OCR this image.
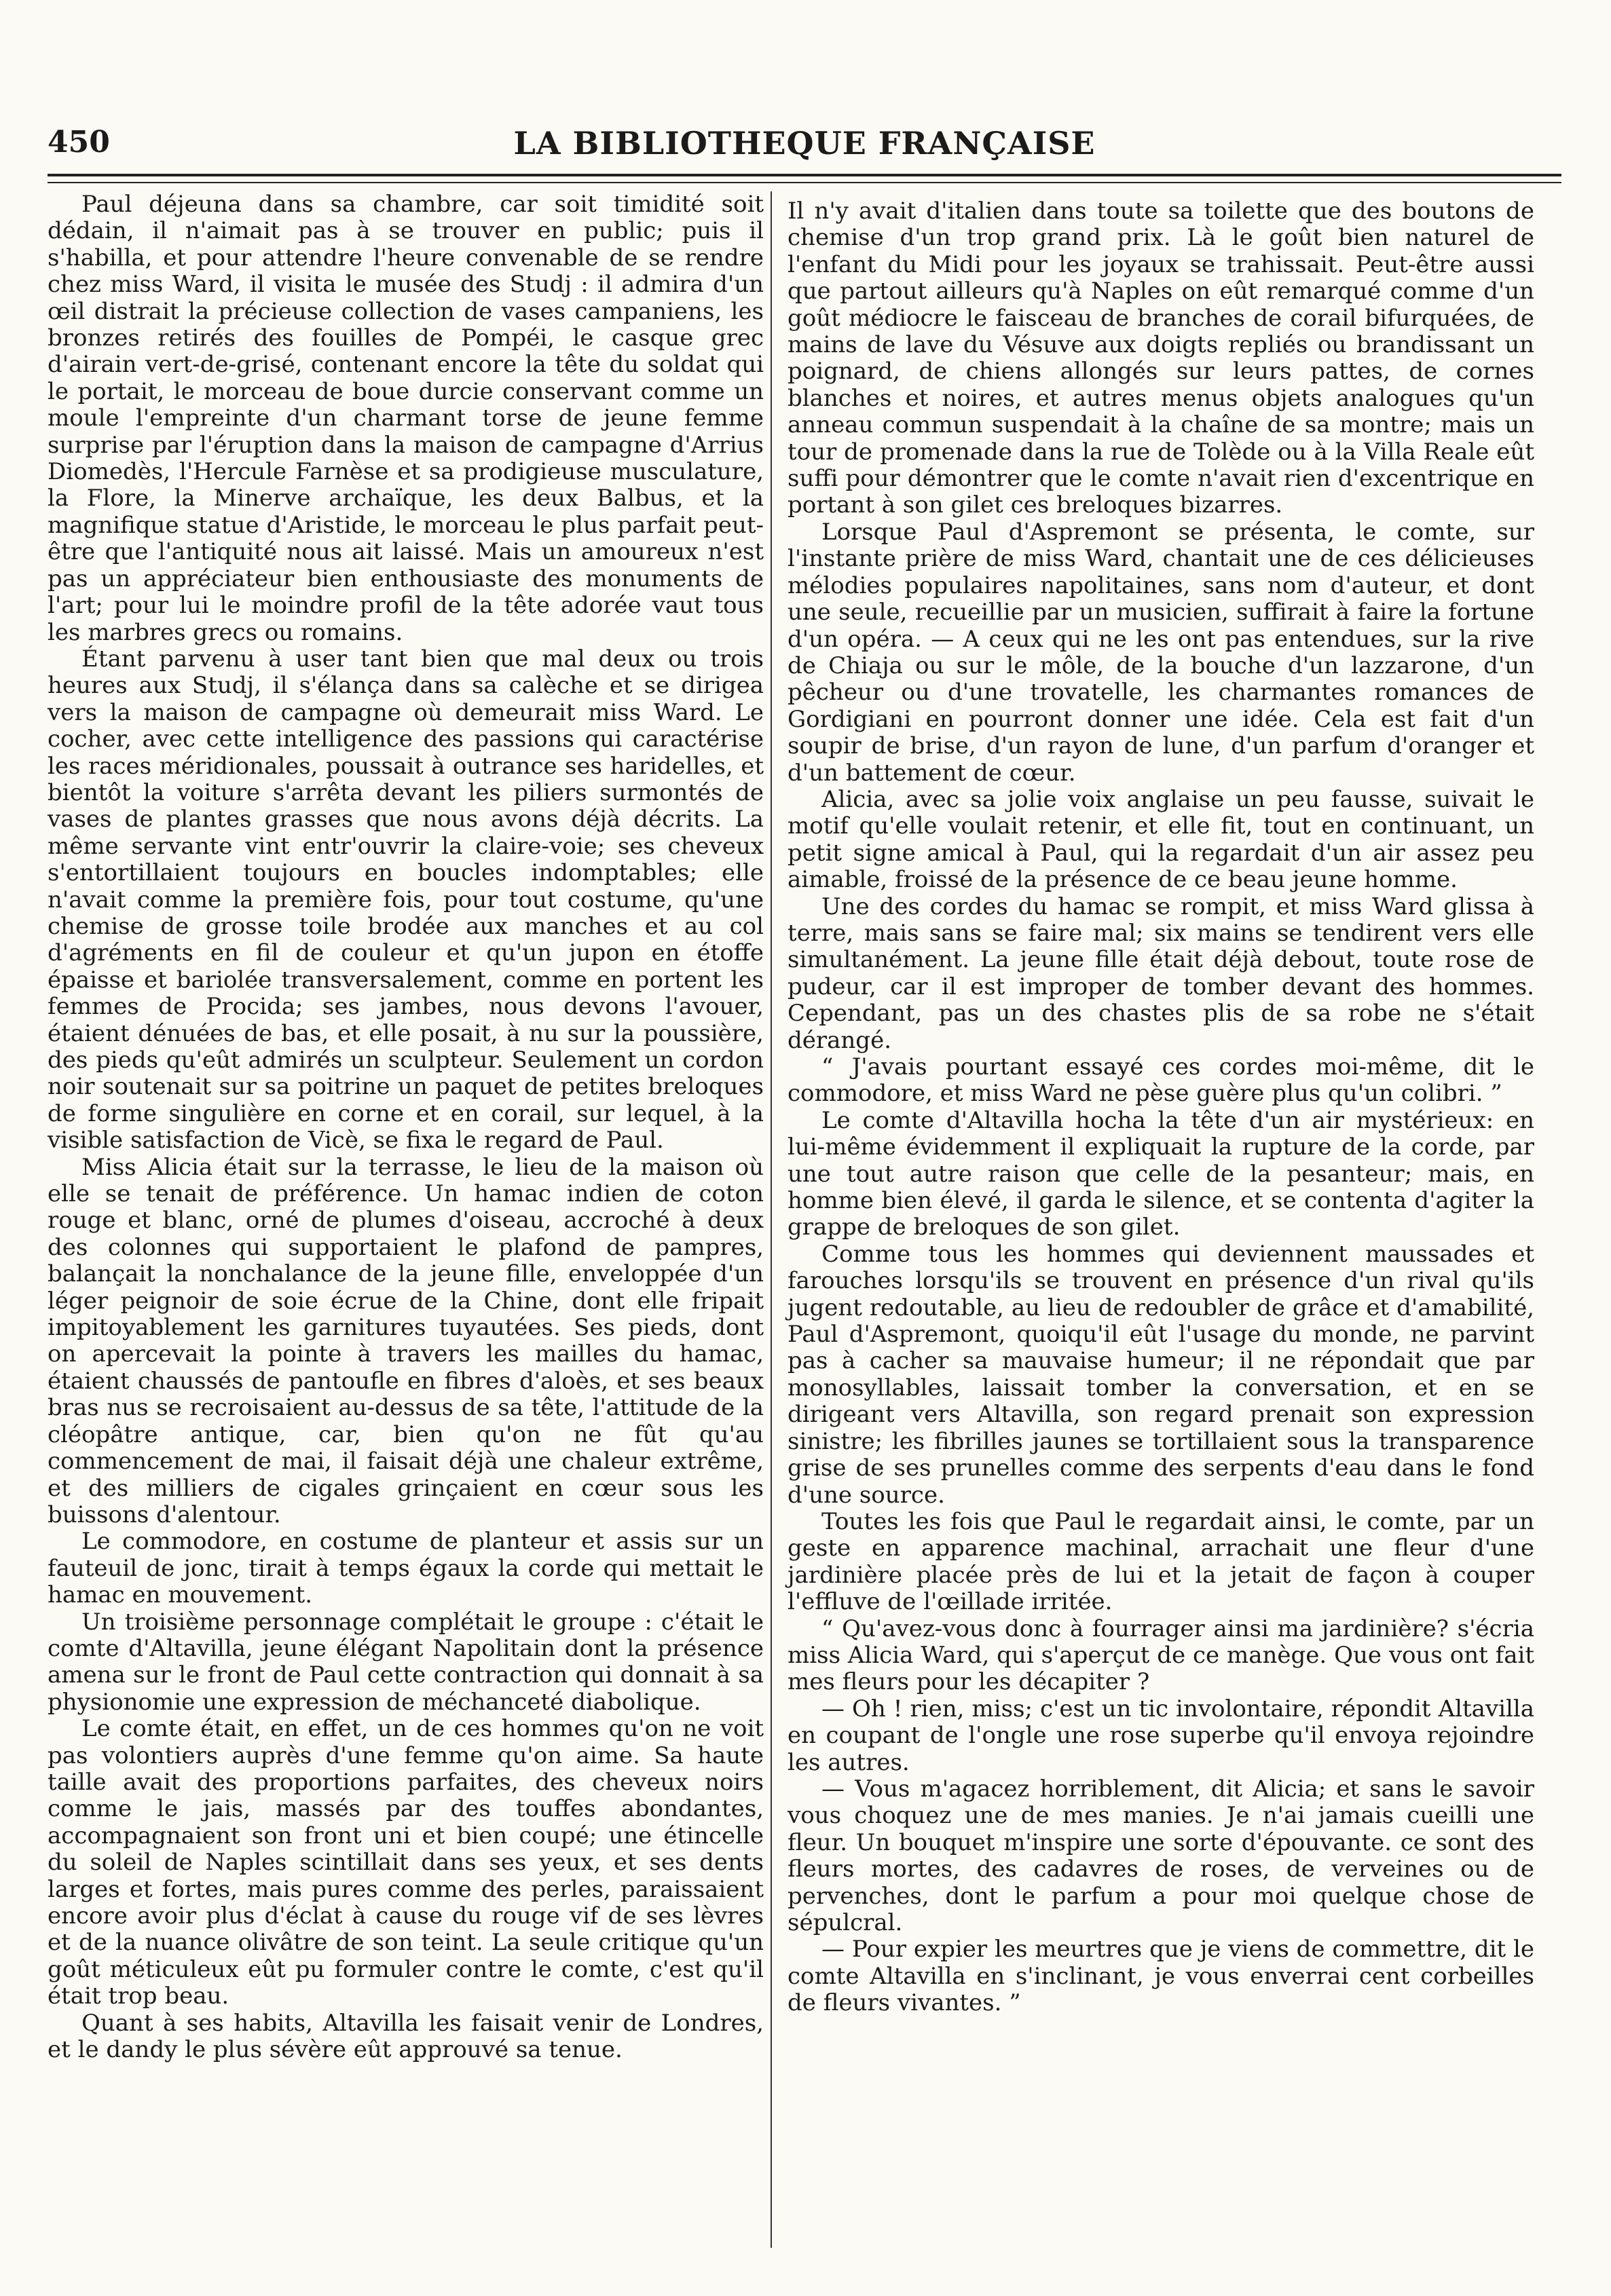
450	LA BIBLIOTHEQUE FRANÇAISE

Paul déjeuna dans sa chambre, car soit timidité soit dédain, il n'aimait pas à se trouver en public; puis il s'habilla, et pour attendre l'heure convenable de se rendre chez miss Ward, il visita le musée des Studj : il admira d'un œil distrait la précieuse collection de vases campaniens, les bronzes retirés des fouilles de Pompéi, le casque grec d'airain vert-de-grisé, contenant encore la tête du soldat qui le portait, le morceau de boue durcie conservant comme un moule l'empreinte d'un charmant torse de jeune femme surprise par l'éruption dans la maison de campagne d'Arrius Diomedès, l'Hercule Farnèse et sa prodigieuse musculature, la Flore, la Minerve archaïque, les deux Balbus, et la magnifique statue d'Aristide, le morceau le plus parfait peut-être que l'antiquité nous ait laissé. Mais un amoureux n'est pas un appréciateur bien enthousiaste des monuments de l'art; pour lui le moindre profil de la tête adorée vaut tous les marbres grecs ou romains.

Étant parvenu à user tant bien que mal deux ou trois heures aux Studj, il s'élança dans sa calèche et se dirigea vers la maison de campagne où demeurait miss Ward. Le cocher, avec cette intelligence des passions qui caractérise les races méridionales, poussait à outrance ses haridelles, et bientôt la voiture s'arrêta devant les piliers surmontés de vases de plantes grasses que nous avons déjà décrits. La même servante vint entr'ouvrir la claire-voie; ses cheveux s'entortillaient toujours en boucles indomptables; elle n'avait comme la première fois, pour tout costume, qu'une chemise de grosse toile brodée aux manches et au col d'agréments en fil de couleur et qu'un jupon en étoffe épaisse et bariolée transversalement, comme en portent les femmes de Procida; ses jambes, nous devons l'avouer, étaient dénuées de bas, et elle posait, à nu sur la poussière, des pieds qu'eût admirés un sculpteur. Seulement un cordon noir soutenait sur sa poitrine un paquet de petites breloques de forme singulière en corne et en corail, sur lequel, à la visible satisfaction de Vicè, se fixa le regard de Paul.

Miss Alicia était sur la terrasse, le lieu de la maison où elle se tenait de préférence. Un hamac indien de coton rouge et blanc, orné de plumes d'oiseau, accroché à deux des colonnes qui supportaient le plafond de pampres, balançait la nonchalance de la jeune fille, enveloppée d'un léger peignoir de soie écrue de la Chine, dont elle fripait impitoyablement les garnitures tuyautées. Ses pieds, dont on apercevait la pointe à travers les mailles du hamac, étaient chaussés de pantoufle en fibres d'aloès, et ses beaux bras nus se recroisaient au-dessus de sa tête, l'attitude de la cléopâtre antique, car, bien qu'on ne fût qu'au commencement de mai, il faisait déjà une chaleur extrême, et des milliers de cigales grinçaient en cœur sous les buissons d'alentour.

Le commodore, en costume de planteur et assis sur un fauteuil de jonc, tirait à temps égaux la corde qui mettait le hamac en mouvement.

Un troisième personnage complétait le groupe : c'était le comte d'Altavilla, jeune élégant Napolitain dont la présence amena sur le front de Paul cette contraction qui donnait à sa physionomie une expression de méchanceté diabolique.

Le comte était, en effet, un de ces hommes qu'on ne voit pas volontiers auprès d'une femme qu'on aime. Sa haute taille avait des proportions parfaites, des cheveux noirs comme le jais, massés par des touffes abondantes, accompagnaient son front uni et bien coupé; une étincelle du soleil de Naples scintillait dans ses yeux, et ses dents larges et fortes, mais pures comme des perles, paraissaient encore avoir plus d'éclat à cause du rouge vif de ses lèvres et de la nuance olivâtre de son teint. La seule critique qu'un goût méticuleux eût pu formuler contre le comte, c'est qu'il était trop beau.

Quant à ses habits, Altavilla les faisait venir de Londres, et le dandy le plus sévère eût approuvé sa tenue.

Il n'y avait d'italien dans toute sa toilette que des boutons de chemise d'un trop grand prix. Là le goût bien naturel de l'enfant du Midi pour les joyaux se trahissait. Peut-être aussi que partout ailleurs qu'à Naples on eût remarqué comme d'un goût médiocre le faisceau de branches de corail bifurquées, de mains de lave du Vésuve aux doigts repliés ou brandissant un poignard, de chiens allongés sur leurs pattes, de cornes blanches et noires, et autres menus objets analogues qu'un anneau commun suspendait à la chaîne de sa montre; mais un tour de promenade dans la rue de Tolède ou à la Villa Reale eût suffi pour démontrer que le comte n'avait rien d'excentrique en portant à son gilet ces breloques bizarres.

Lorsque Paul d'Aspremont se présenta, le comte, sur l'instante prière de miss Ward, chantait une de ces délicieuses mélodies populaires napolitaines, sans nom d'auteur, et dont une seule, recueillie par un musicien, suffirait à faire la fortune d'un opéra. — A ceux qui ne les ont pas entendues, sur la rive de Chiaja ou sur le môle, de la bouche d'un lazzarone, d'un pêcheur ou d'une trovatelle, les charmantes romances de Gordigiani en pourront donner une idée. Cela est fait d'un soupir de brise, d'un rayon de lune, d'un parfum d'oranger et d'un battement de cœur.

Alicia, avec sa jolie voix anglaise un peu fausse, suivait le motif qu'elle voulait retenir, et elle fit, tout en continuant, un petit signe amical à Paul, qui la regardait d'un air assez peu aimable, froissé de la présence de ce beau jeune homme.

Une des cordes du hamac se rompit, et miss Ward glissa à terre, mais sans se faire mal; six mains se tendirent vers elle simultanément. La jeune fille était déjà debout, toute rose de pudeur, car il est improper de tomber devant des hommes. Cependant, pas un des chastes plis de sa robe ne s'était dérangé.

“ J'avais pourtant essayé ces cordes moi-même, dit le commodore, et miss Ward ne pèse guère plus qu'un colibri. ”

Le comte d'Altavilla hocha la tête d'un air mystérieux: en lui-même évidemment il expliquait la rupture de la corde, par une tout autre raison que celle de la pesanteur; mais, en homme bien élevé, il garda le silence, et se contenta d'agiter la grappe de breloques de son gilet.

Comme tous les hommes qui deviennent maussades et farouches lorsqu'ils se trouvent en présence d'un rival qu'ils jugent redoutable, au lieu de redoubler de grâce et d'amabilité, Paul d'Aspremont, quoiqu'il eût l'usage du monde, ne parvint pas à cacher sa mauvaise humeur; il ne répondait que par monosyllables, laissait tomber la conversation, et en se dirigeant vers Altavilla, son regard prenait son expression sinistre; les fibrilles jaunes se tortillaient sous la transparence grise de ses prunelles comme des serpents d'eau dans le fond d'une source.

Toutes les fois que Paul le regardait ainsi, le comte, par un geste en apparence machinal, arrachait une fleur d'une jardinière placée près de lui et la jetait de façon à couper l'effluve de l'œillade irritée.

“ Qu'avez-vous donc à fourrager ainsi ma jardinière? s'écria miss Alicia Ward, qui s'aperçut de ce manège. Que vous ont fait mes fleurs pour les décapiter ?

— Oh ! rien, miss; c'est un tic involontaire, répondit Altavilla en coupant de l'ongle une rose superbe qu'il envoya rejoindre les autres.

— Vous m'agacez horriblement, dit Alicia; et sans le savoir vous choquez une de mes manies. Je n'ai jamais cueilli une fleur. Un bouquet m'inspire une sorte d'épouvante. ce sont des fleurs mortes, des cadavres de roses, de verveines ou de pervenches, dont le parfum a pour moi quelque chose de sépulcral.

— Pour expier les meurtres que je viens de commettre, dit le comte Altavilla en s'inclinant, je vous enverrai cent corbeilles de fleurs vivantes. ”
